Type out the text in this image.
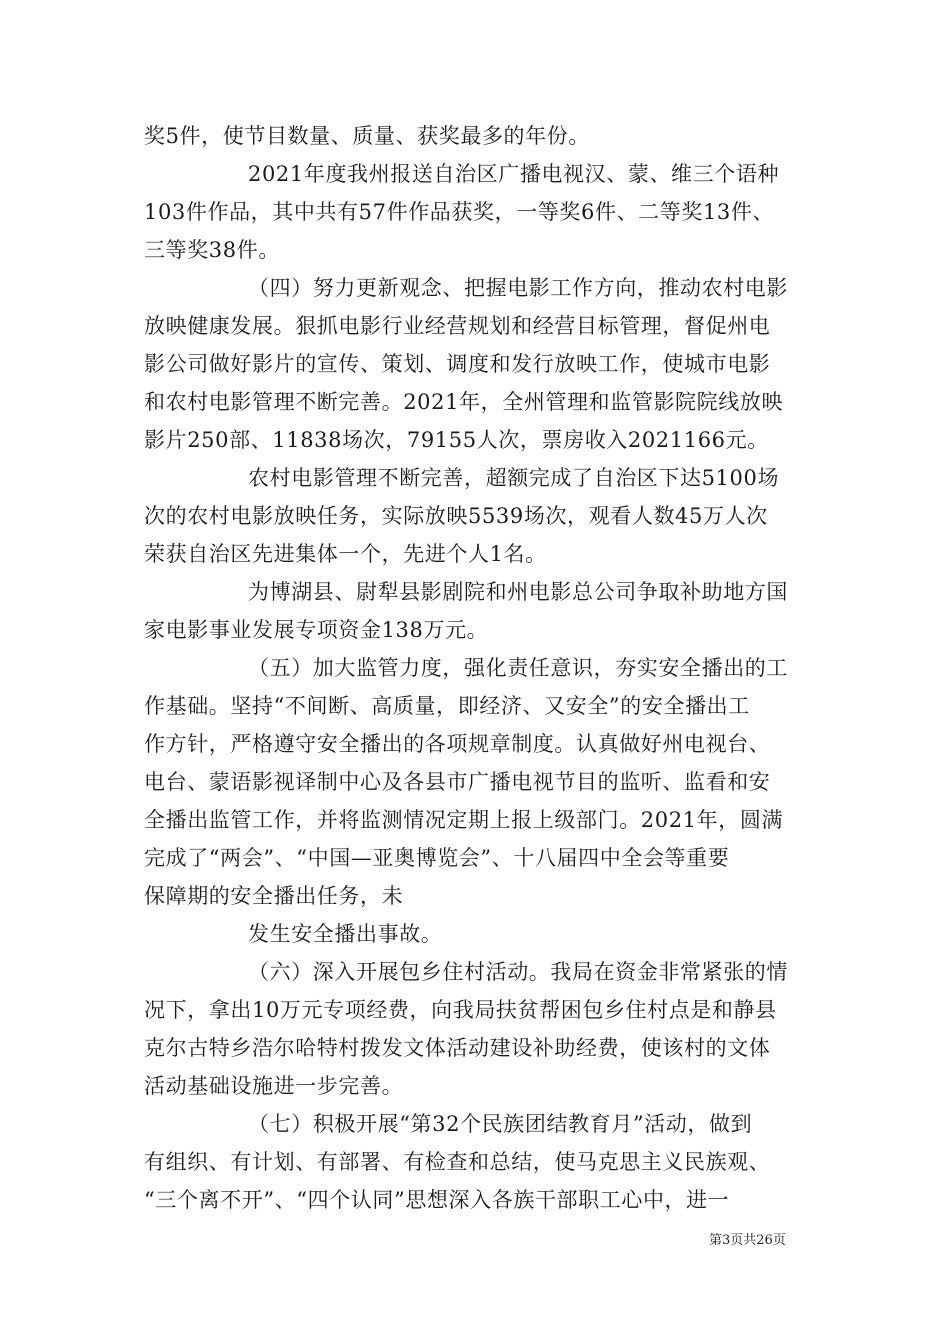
奖5件，使节目数量、质量、获奖最多的年份。
2021年度我州报送自治区广播电视汉、蒙、维三个语种
103件作品，其中共有57件作品获奖，一等奖6件、二等奖13件、
三等奖38件。
（四）努力更新观念、把握电影工作方向，推动农村电影
放映健康发展。狠抓电影行业经营规划和经营目标管理，督促州电
影公司做好影片的宣传、策划、调度和发行放映工作，使城市电影
和农村电影管理不断完善。2021年，全州管理和监管影院院线放映
影片250部、11838场次，79155人次，票房收入2021166元。
农村电影管理不断完善，超额完成了自治区下达5100场
次的农村电影放映任务，实际放映5539场次，观看人数45万人次
荣获自治区先进集体一个，先进个人1名。
为博湖县、尉犁县影剧院和州电影总公司争取补助地方国
家电影事业发展专项资金138万元。
（五）加大监管力度，强化责任意识，夯实安全播出的工
作基础。坚持“不间断、高质量，即经济、又安全”的安全播出工
作方针，严格遵守安全播出的各项规章制度。认真做好州电视台、
电台、蒙语影视译制中心及各县市广播电视节目的监听、监看和安
全播出监管工作，并将监测情况定期上报上级部门。2021年，圆满
完成了“两会”、“中国—亚奥博览会”、十八届四中全会等重要
保障期的安全播出任务，未
发生安全播出事故。
（六）深入开展包乡住村活动。我局在资金非常紧张的情
况下，拿出10万元专项经费，向我局扶贫帮困包乡住村点是和静县
克尔古特乡浩尔哈特村拨发文体活动建设补助经费，使该村的文体
活动基础设施进一步完善。
（七）积极开展“第32个民族团结教育月”活动，做到
有组织、有计划、有部署、有检查和总结，使马克思主义民族观、
“三个离不开”、“四个认同”思想深入各族干部职工心中，进一
第3页共26页
